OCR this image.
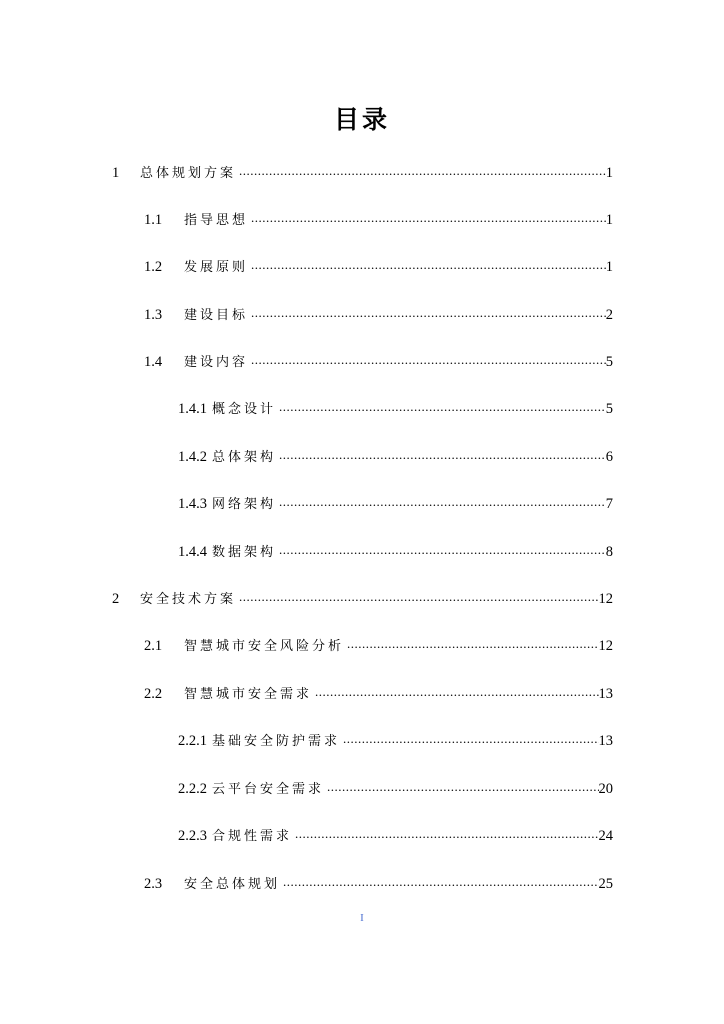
目录
1	总体规划方案 .....	1
1.1	指导思想 .....	1
1.2	发展原则 .....	1
1.3	建设目标 .....	2
1.4	建设内容 .....	5
1.4.1 概念设计 .....	5
1.4.2 总体架构 .....	6
1.4.3 网络架构 .....	7
1.4.4 数据架构 .....	8
2	安全技术方案 .....	12
2.1	智慧城市安全风险分析 .....	12
2.2	智慧城市安全需求 .....	13
2.2.1 基础安全防护需求 .....	13
2.2.2 云平台安全需求 .....	20
2.2.3 合规性需求 .....	24
2.3	安全总体规划 .....	25
I
